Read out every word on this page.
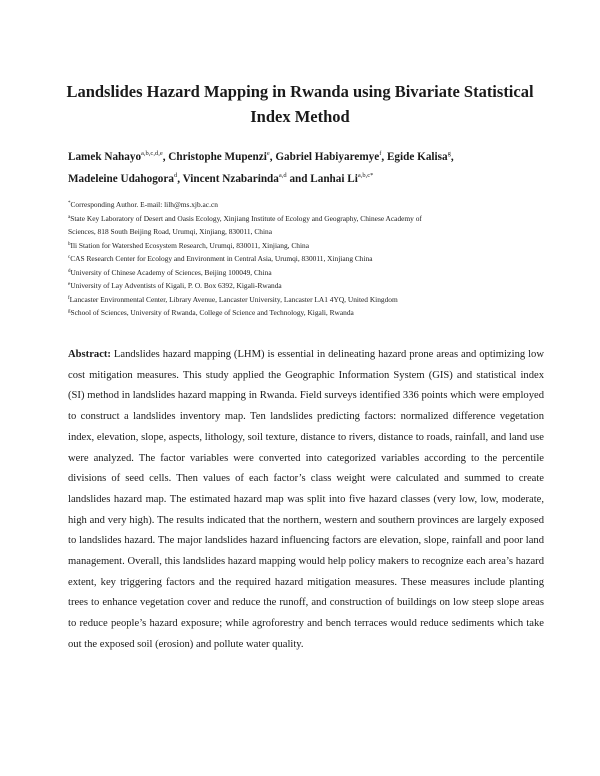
Landslides Hazard Mapping in Rwanda using Bivariate Statistical
Index Method
Lamek Nahayo$^{a,b,c,d,e}$, Christophe Mupenzi$^e$, Gabriel Habiyaremye$^f$, Egide Kalisa$^g$,
Madeleine Udahogora$^d$, Vincent Nzabarinda$^{a,d}$ and Lanhai $Li^{a,b,c*}$
*Corresponding Author. E-mail: lilh@ms.xjb.ac.cn
$^a$State Key Laboratory of Desert and Oasis Ecology, Xinjiang Institute of Ecology and Geography, Chinese Academy of
Sciences, 818 South Beijing Road, Urumqi, Xinjiang, 830011, China
$^b$Ili Station for Watershed Ecosystem Research, Urumqi, 830011, Xinjiang, China
$^c$CAS Research Center for Ecology and Environment in Central Asia, Urumqi, 830011, Xinjiang China
$^d$University of Chinese Academy of Sciences, Beijing 100049, China
$^e$University of Lay Adventists of Kigali, P. O. Box 6392, Kigali-Rwanda
$^f$Lancaster Environmental Center, Library Avenue, Lancaster University, Lancaster LA1 4YQ, United Kingdom
$^g$School of Sciences, University of Rwanda, College of Science and Technology, Kigali, Rwanda
Abstract: Landslides hazard mapping (LHM) is essential in delineating hazard prone areas and optimizing low cost mitigation measures. This study applied the Geographic Information System (GIS) and statistical index (SI) method in landslides hazard mapping in Rwanda. Field surveys identified 336 points which were employed to construct a landslides inventory map. Ten landslides predicting factors: normalized difference vegetation index, elevation, slope, aspects, lithology, soil texture, distance to rivers, distance to roads, rainfall, and land use were analyzed. The factor variables were converted into categorized variables according to the percentile divisions of seed cells. Then values of each factor’s class weight were calculated and summed to create landslides hazard map. The estimated hazard map was split into five hazard classes (very low, low, moderate, high and very high). The results indicated that the northern, western and southern provinces are largely exposed to landslides hazard. The major landslides hazard influencing factors are elevation, slope, rainfall and poor land management. Overall, this landslides hazard mapping would help policy makers to recognize each area’s hazard extent, key triggering factors and the required hazard mitigation measures. These measures include planting trees to enhance vegetation cover and reduce the runoff, and construction of buildings on low steep slope areas to reduce people’s hazard exposure; while agroforestry and bench terraces would reduce sediments which take out the exposed soil (erosion) and pollute water quality.
